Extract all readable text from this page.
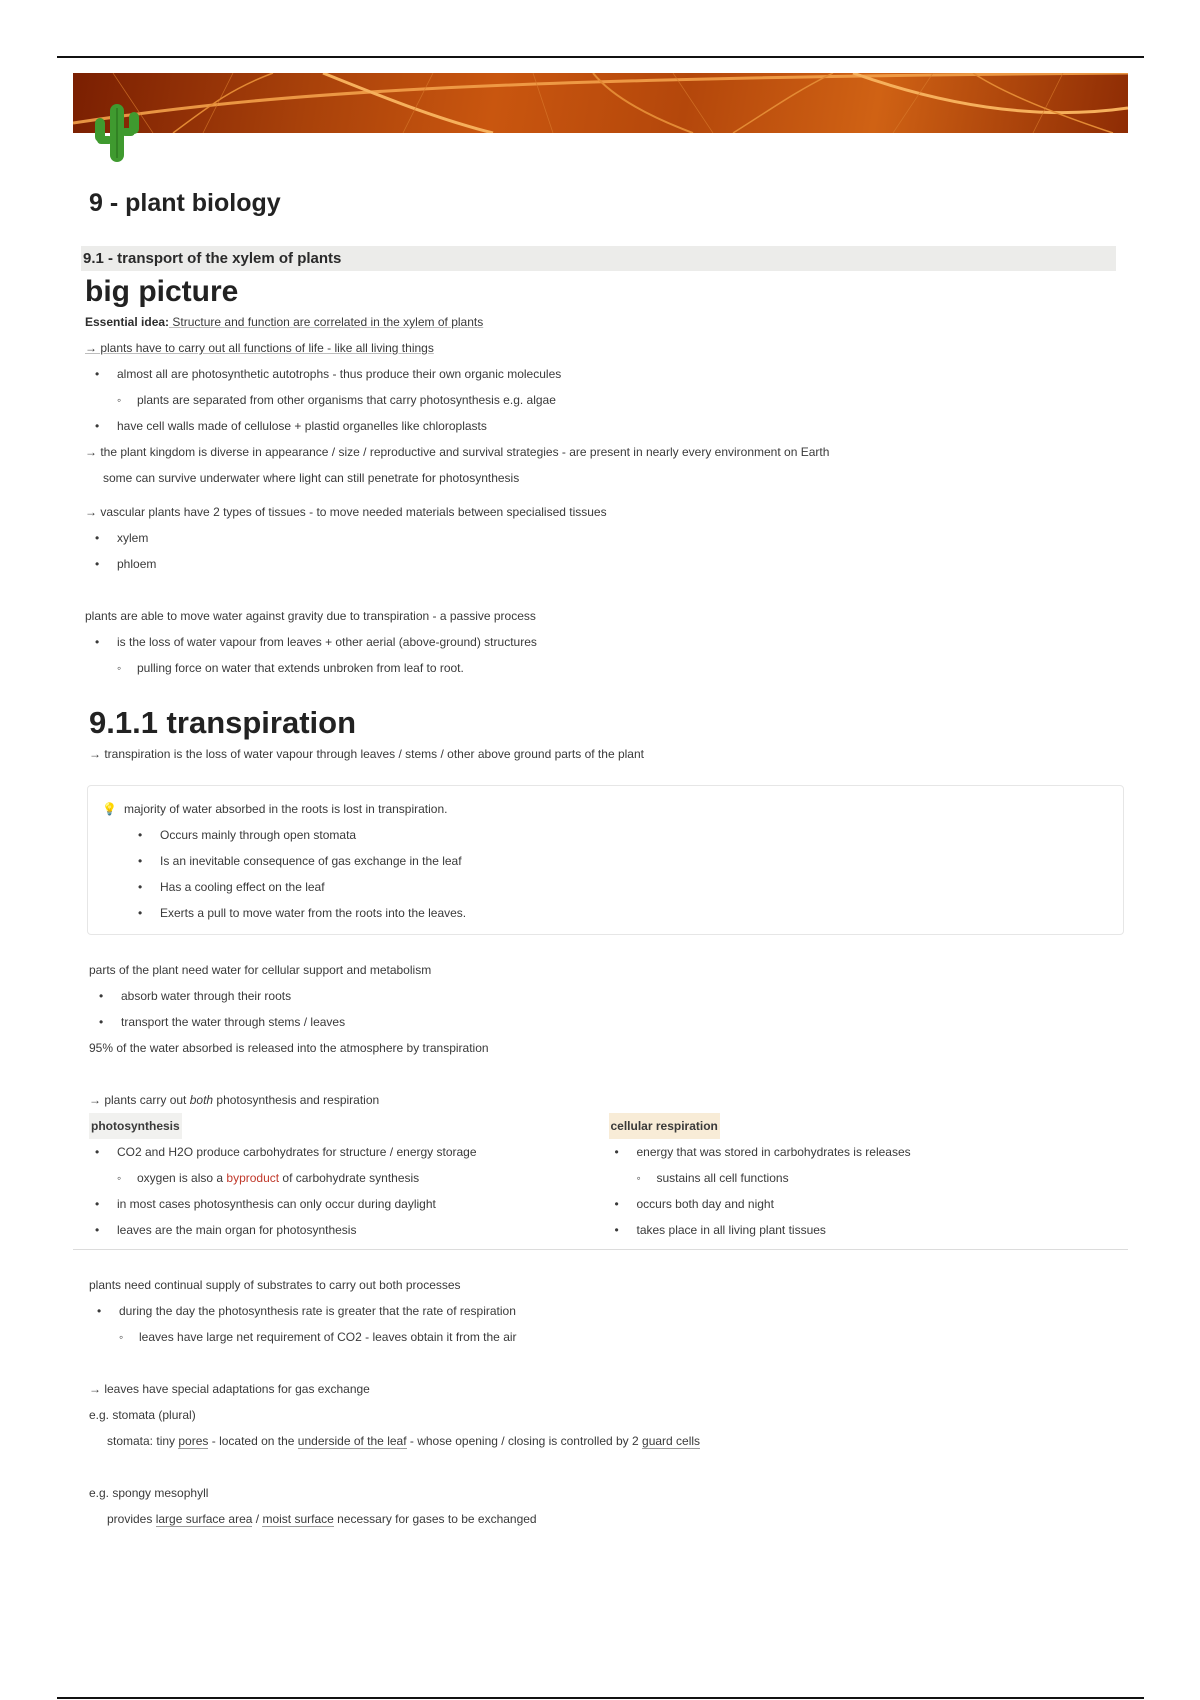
9 - plant biology
9.1 - transport of the xylem of plants
big picture
Essential idea: Structure and function are correlated in the xylem of plants
→ plants have to carry out all functions of life - like all living things
• almost all are photosynthetic autotrophs - thus produce their own organic molecules
◦ plants are separated from other organisms that carry photosynthesis e.g. algae
• have cell walls made of cellulose + plastid organelles like chloroplasts
→ the plant kingdom is diverse in appearance / size / reproductive and survival strategies - are present in nearly every environment on Earth
some can survive underwater where light can still penetrate for photosynthesis
→ vascular plants have 2 types of tissues - to move needed materials between specialised tissues
• xylem
• phloem
plants are able to move water against gravity due to transpiration - a passive process
• is the loss of water vapour from leaves + other aerial (above-ground) structures
◦ pulling force on water that extends unbroken from leaf to root.
9.1.1 transpiration
→ transpiration is the loss of water vapour through leaves / stems / other above ground parts of the plant
💡 majority of water absorbed in the roots is lost in transpiration.
• Occurs mainly through open stomata
• Is an inevitable consequence of gas exchange in the leaf
• Has a cooling effect on the leaf
• Exerts a pull to move water from the roots into the leaves.
parts of the plant need water for cellular support and metabolism
• absorb water through their roots
• transport the water through stems / leaves
95% of the water absorbed is released into the atmosphere by transpiration
→ plants carry out both photosynthesis and respiration
photosynthesis
• CO2 and H2O produce carbohydrates for structure / energy storage
◦ oxygen is also a byproduct of carbohydrate synthesis
• in most cases photosynthesis can only occur during daylight
• leaves are the main organ for photosynthesis
cellular respiration
• energy that was stored in carbohydrates is releases
◦ sustains all cell functions
• occurs both day and night
• takes place in all living plant tissues
plants need continual supply of substrates to carry out both processes
• during the day the photosynthesis rate is greater that the rate of respiration
◦ leaves have large net requirement of CO2 - leaves obtain it from the air
→ leaves have special adaptations for gas exchange
e.g. stomata (plural)
stomata: tiny pores - located on the underside of the leaf - whose opening / closing is controlled by 2 guard cells
e.g. spongy mesophyll
provides large surface area / moist surface necessary for gases to be exchanged
